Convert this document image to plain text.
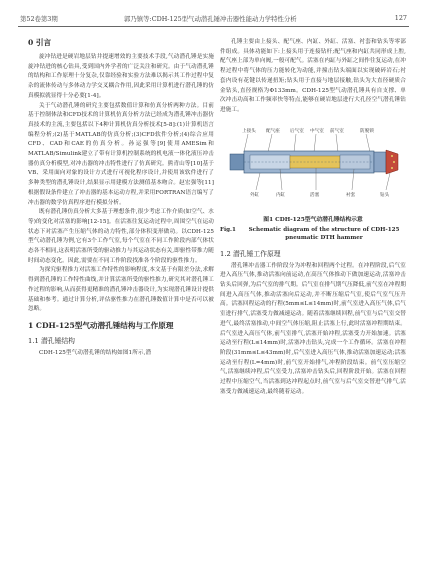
第52卷第3期	郭乃镇等:CDH-125型气动潜孔锤冲击器性能动力学特性分析	127
0 引言

旋冲钻进是硬岩地层钻井提速增效的主要技术手段,气动潜孔锤是实施旋冲钻进的核心钻具,受到国内外学者的广泛关注和研究。由于气动潜孔锤的结构和工作原理十分复杂,仅靠经验和实验方法难以揭示其工作过程中复杂的流体传动与多体动力学交叉耦合作用,因此采用计算机进行潜孔锤的仿真模拟就显得十分必要[1-4]。

关于气动潜孔锤的研究主要包括数值计算和仿真分析两种方法。目前基于控制体法和CFD技术的计算机仿真分析方法已经成为潜孔锤冲击器仿真技术的主流,主要包括以下4种计算机仿真分析技术[5-8]:(1)计算机语言编程分析;(2)基于MATLAB的仿真分析;(3)CFD软件分析;(4)综合应用CFD、CAD和CAE的仿真分析。孙运强等[9]使用AMESim和MATLAB/Simulink建立了带有计算机控制系统的机电液一体化液压冲击器仿真分析模型,对冲击器的冲击特性进行了仿真研究。熊青山等[10]基于VB、采用面向对象的设计方式进行可视化程序设计,并使用该软件进行了多种类型的潜孔锤设计,结果显示用建模方法测值基本吻合。赵宏强等[11]根据假设条件建立了冲击器的基本运动方程,并采用FORTRAN语言编写了冲击器的数学仿真程序进行模拟分析。

既有潜孔锤仿真分析大多基于理想条件,很少考虑工作介质(如空气、水等)的变化对活塞的影响[12-15]。在活塞往复运动过程中,周围空气在运动状态下对活塞产生压缩气体的动力特性,部分体积变形做功。以CDH-125型气动潜孔锤为例,它有3个工作气室,每个气室在不同工作阶段内部气体状态各不相同,这表明活塞所受的驱动推力与其运动状态有关,即驱性带推力随时间动态变化。因此,需要在不同工作阶段找准各个阶段的驱性推力。

为探究驱程推力对活塞工作特性的影响程度,本文基于有限差分法,求解得到潜孔锤的工作特性曲线,并计算活塞所受的驱性推力,研究其对潜孔锤工作过程的影响,从而获得更精准的潜孔锤冲击器设计,为实现潜孔锤设计提供基础和参考。通过计算分析,评估驱性推力在潜孔锤数值计算中是否可以被忽略。

1 CDH-125型气动潜孔锤结构与工作原理
1.1 潜孔锤结构

CDH-125型气动潜孔锤的结构如图1所示,潜

孔锤主要由上接头、配气座、内缸、外缸、活塞、衬套和钻头等零部件组成。具体功能如下:上接头用于连接钻杆;配气座和内缸共同形成上腔,配气座上部为单向阀,一般可配气。活塞在内缸与外缸之间作往复运动,在冲程过程中将气体的压力能转化为动能,并撞击钻头端面以实现破碎岩石;衬套内设有花键以传递扭矩;钻头用于直接与地层接触,钻头为大直径硬质合金钻头,直径规格为Φ133mm。CDH-125型气动潜孔锤具有自支撑、单次冲击功高和工作频率快等特点,能够在硬岩地层进行大孔径空气潜孔锤钻进施工。

上接头 配气座 后气室 中气室 前气室	防脱锁
外缸	内缸	活塞	衬套	钻头
图1 CDH-125型气动潜孔锤结构示意
Fig.1	Schematic diagram of the structure of CDH-125 pneumatic DTH hammer
1.2 潜孔锤工作原理

潜孔锤冲击器工作阶段分为冲程和回程两个过程。在冲程阶段,后气室进入高压气体,推动活塞向前运动,在高压气体推动下做加速运动,活塞冲击钻头后回弹,为后气室的排气期。后气室在排气期气压降低,前气室在冲程期间进入高压气体,推动活塞向后运动,并不断压缩后气室,使后气室气压升高。活塞回程运动的行程(5mm≤L≤14mm)时,前气室进入高压气体,后气室进行排气,活塞受力做减速运动。随着活塞继续回程,前气室与后气室交替进气,最终活塞推动,中间空气体压缩,阻止活塞上行,此时活塞冲程期结束。后气室进入高压气体,前气室排气,活塞开始冲程,活塞受力开始加速。活塞运动至行程(L≤14mm)时,活塞冲击钻头,完成一个工作循环。活塞在冲程阶段(31mm≤L≤43mm)时,后气室进入高压气体,推动活塞加速运动;活塞运动至行程(L=4mm)时,前气室开始排气,冲程阶段结束。前气室压缩空气,活塞继续冲程,后气室受力,活塞冲击钻头后,回程阶段开始。活塞在回程过程中压缩空气,当活塞到达冲程起点时,前气室与后气室交替进气排气,活塞受力做减速运动,最终随着运动。
